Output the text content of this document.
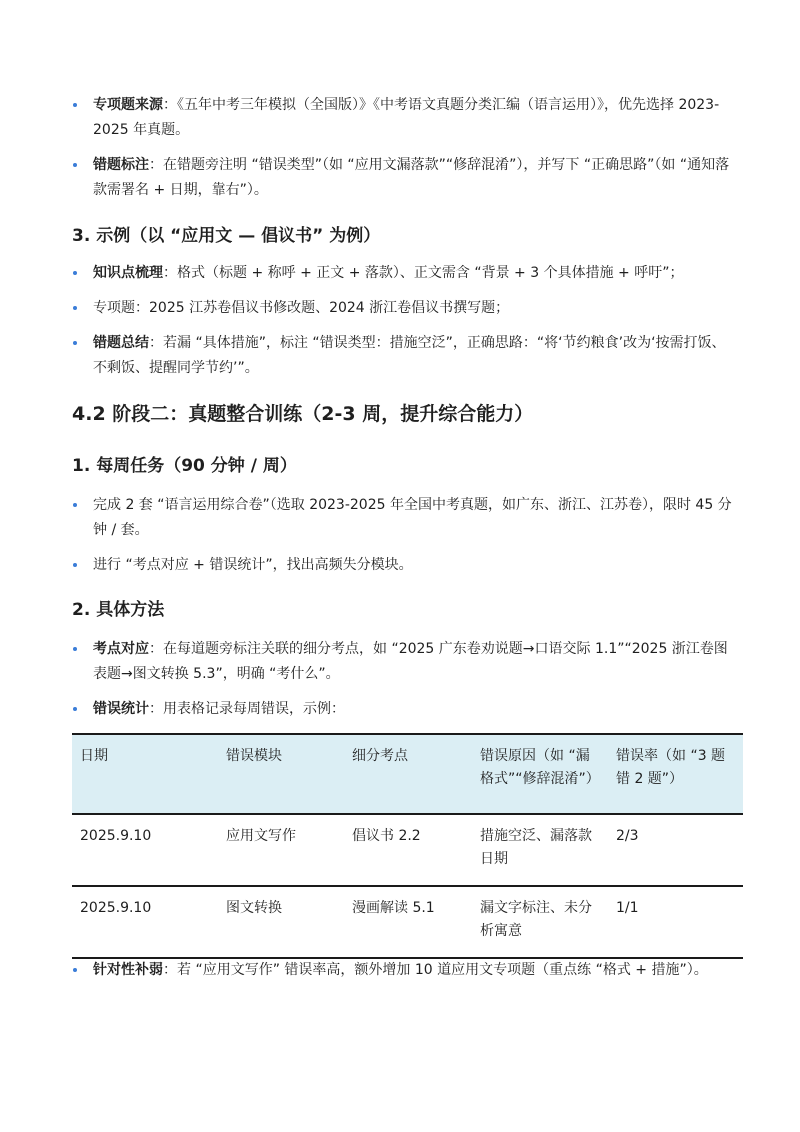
专项题来源：《五年中考三年模拟（全国版）》《中考语文真题分类汇编（语言运用）》，优先选择 2023-2025 年真题。
错题标注：在错题旁注明 “错误类型”（如 “应用文漏落款”“修辞混淆”），并写下 “正确思路”（如 “通知落款需署名 + 日期，靠右”）。
3. 示例（以 “应用文 — 倡议书” 为例）
知识点梳理：格式（标题 + 称呼 + 正文 + 落款）、正文需含 “背景 + 3 个具体措施 + 呼吁”；
专项题：2025 江苏卷倡议书修改题、2024 浙江卷倡议书撰写题；
错题总结：若漏 “具体措施”，标注 “错误类型：措施空泛”，正确思路：“将‘节约粮食’改为‘按需打饭、不剩饭、提醒同学节约’”。
4.2 阶段二：真题整合训练（2-3 周，提升综合能力）
1. 每周任务（90 分钟 / 周）
完成 2 套 “语言运用综合卷”（选取 2023-2025 年全国中考真题，如广东、浙江、江苏卷），限时 45 分钟 / 套。
进行 “考点对应 + 错误统计”，找出高频失分模块。
2. 具体方法
考点对应：在每道题旁标注关联的细分考点，如 “2025 广东卷劝说题→口语交际 1.1”“2025 浙江卷图表题→图文转换 5.3”，明确 “考什么”。
错误统计：用表格记录每周错误，示例：
日期	错误模块	细分考点	错误原因（如 “漏格式”“修辞混淆”）	错误率（如 “3 题错 2 题”）
2025.9.10	应用文写作	倡议书 2.2	措施空泛、漏落款日期	2/3
2025.9.10	图文转换	漫画解读 5.1	漏文字标注、未分析寓意	1/1
针对性补弱：若 “应用文写作” 错误率高，额外增加 10 道应用文专项题（重点练 “格式 + 措施”）。
